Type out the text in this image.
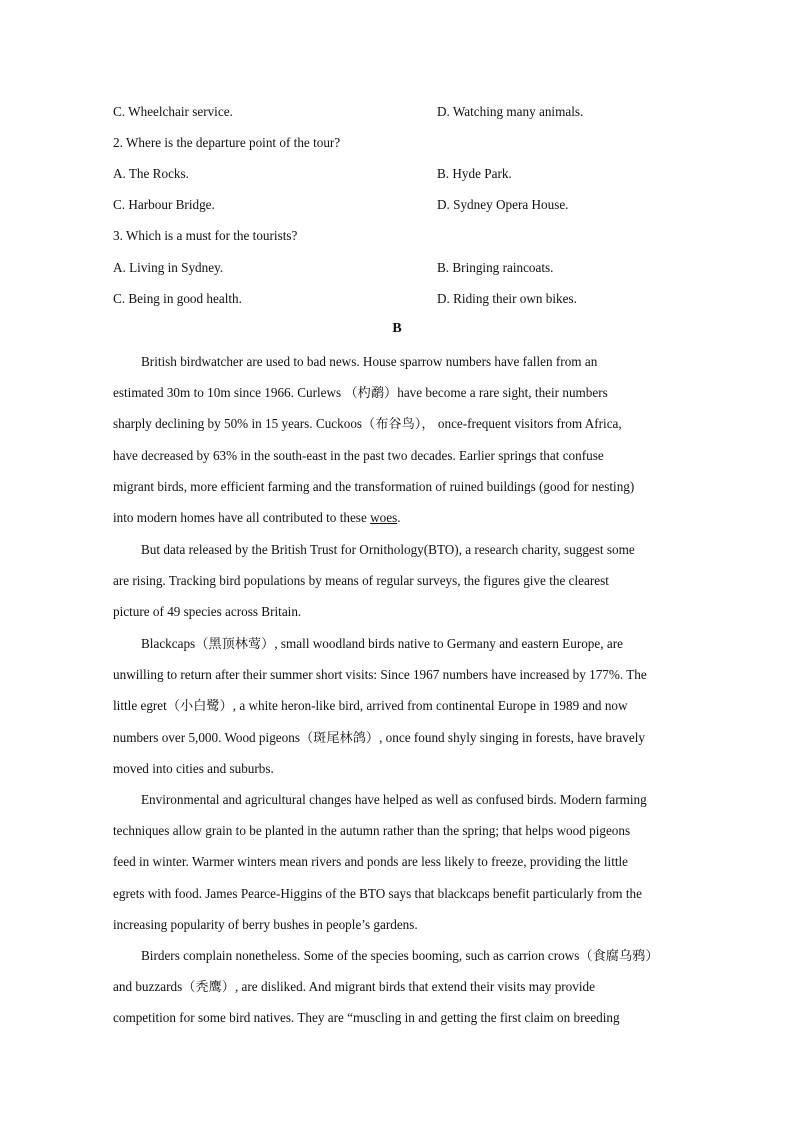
C. Wheelchair service.	D. Watching many animals.
2. Where is the departure point of the tour?
A. The Rocks.	B. Hyde Park.
C. Harbour Bridge.	D. Sydney Opera House.
3. Which is a must for the tourists?
A. Living in Sydney.	B. Bringing raincoats.
C. Being in good health.	D. Riding their own bikes.
B
British birdwatcher are used to bad news. House sparrow numbers have fallen from an
estimated 30m to 10m since 1966. Curlews （杓鹬）have become a rare sight, their numbers
sharply declining by 50% in 15 years. Cuckoos（布谷鸟）， once-frequent visitors from Africa,
have decreased by 63% in the south-east in the past two decades. Earlier springs that confuse
migrant birds, more efficient farming and the transformation of ruined buildings (good for nesting)
into modern homes have all contributed to these woes.
But data released by the British Trust for Ornithology(BTO), a research charity, suggest some
are rising. Tracking bird populations by means of regular surveys, the figures give the clearest
picture of 49 species across Britain.
Blackcaps（黑顶林莺）, small woodland birds native to Germany and eastern Europe, are
unwilling to return after their summer short visits: Since 1967 numbers have increased by 177%. The
little egret（小白鹭）, a white heron-like bird, arrived from continental Europe in 1989 and now
numbers over 5,000. Wood pigeons（斑尾林鸽）, once found shyly singing in forests, have bravely
moved into cities and suburbs.
Environmental and agricultural changes have helped as well as confused birds. Modern farming
techniques allow grain to be planted in the autumn rather than the spring; that helps wood pigeons
feed in winter. Warmer winters mean rivers and ponds are less likely to freeze, providing the little
egrets with food. James Pearce-Higgins of the BTO says that blackcaps benefit particularly from the
increasing popularity of berry bushes in people’s gardens.
Birders complain nonetheless. Some of the species booming, such as carrion crows（食腐乌鸦）
and buzzards（秃鹰）, are disliked. And migrant birds that extend their visits may provide
competition for some bird natives. They are “muscling in and getting the first claim on breeding
